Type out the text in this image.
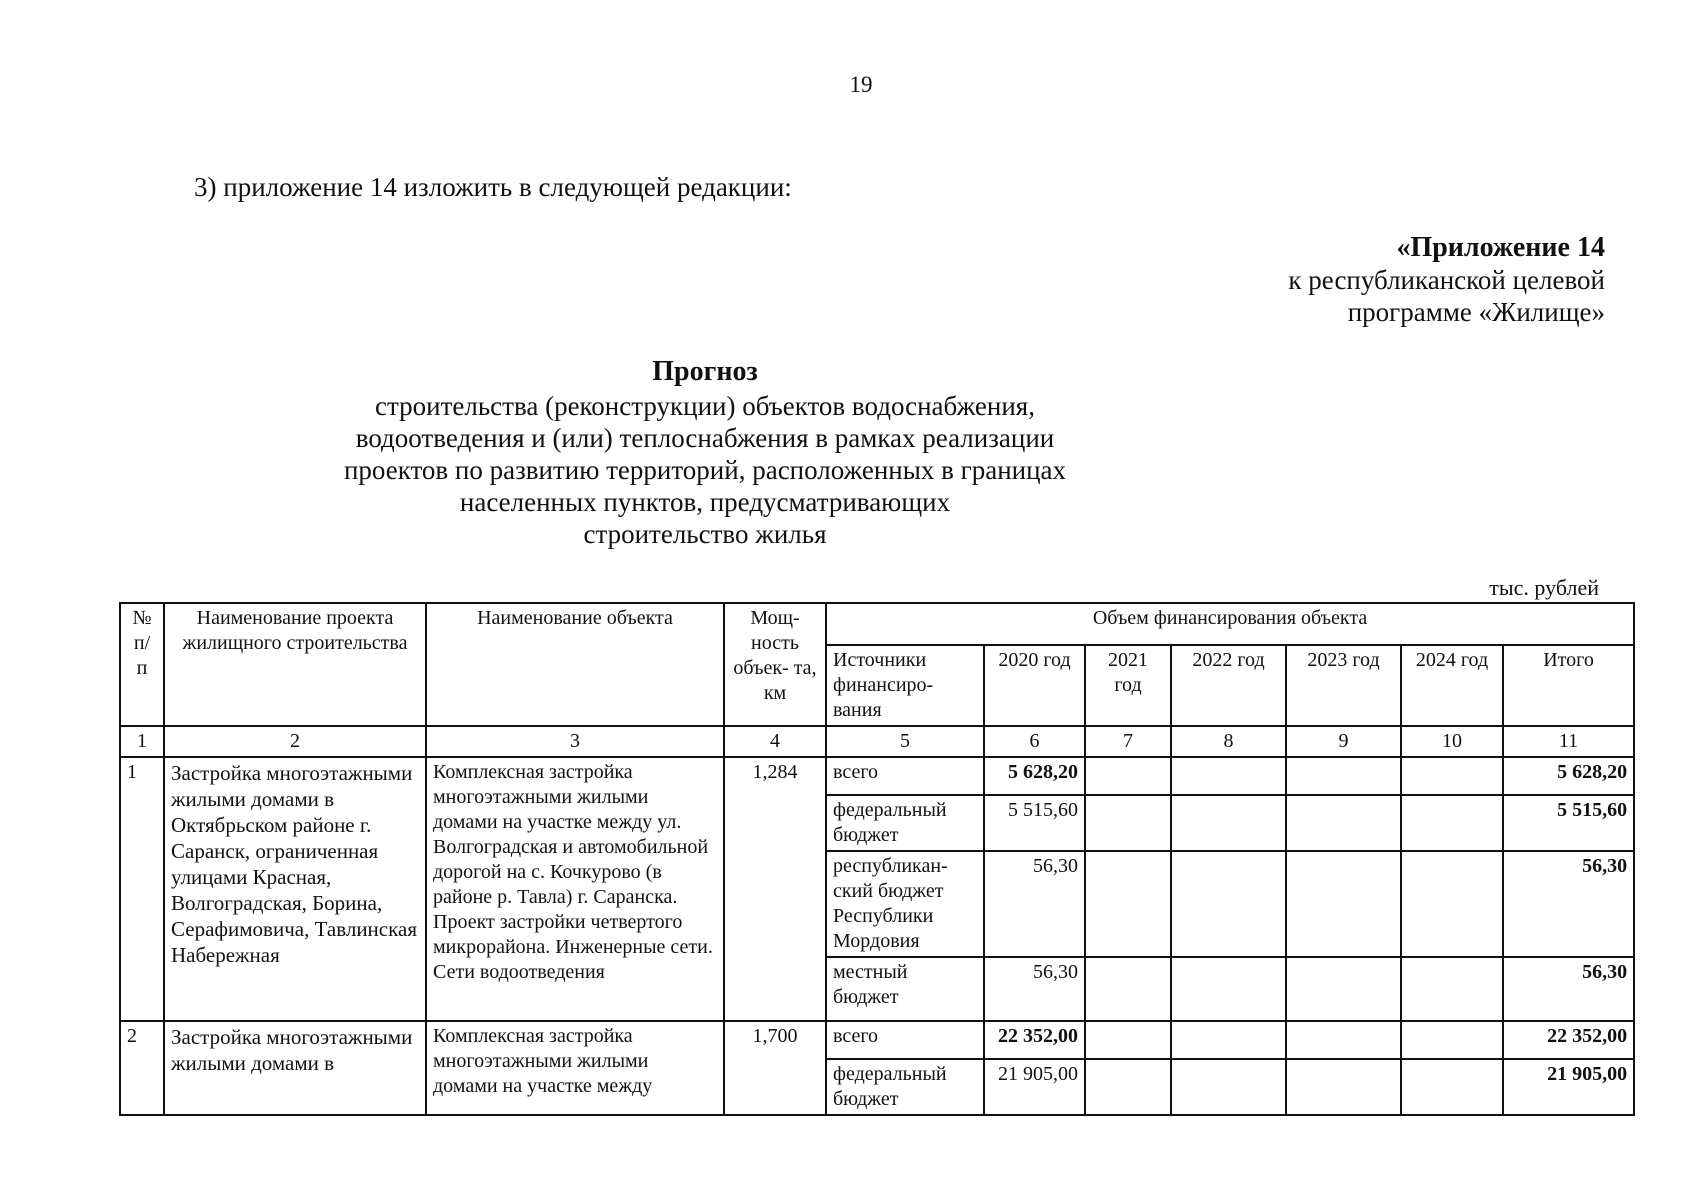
19
3) приложение 14 изложить в следующей редакции:
«Приложение 14
к республиканской целевой
программе «Жилище»
Прогноз
строительства (реконструкции) объектов водоснабжения,
водоотведения и (или) теплоснабжения в рамках реализации
проектов по развитию территорий, расположенных в границах
населенных пунктов, предусматривающих
строительство жилья
тыс. рублей
№ п/ п	Наименование проекта жилищного строительства	Наименование объекта	Мощ- ность объек- та, км	Объем финансирования объекта						
				Источники финансиро- вания	2020 год	2021 год	2022 год	2023 год	2024 год	Итого
1	2	3	4	5	6	7	8	9	10	11
1	Застройка многоэтажными жилыми домами в Октябрьском районе г. Саранск, ограниченная улицами Красная, Волгоградская, Борина, Серафимовича, Тавлинская Набережная	Комплексная застройка многоэтажными жилыми домами на участке между ул. Волгоградская и автомобильной дорогой на с. Кочкурово (в районе р. Тавла) г. Саранска. Проект застройки четвертого микрорайона. Инженерные сети. Сети водоотведения	1,284	всего	5 628,20					5 628,20
				федеральный бюджет	5 515,60					5 515,60
				республикан- ский бюджет Республики Мордовия	56,30					56,30
				местный бюджет	56,30					56,30
2	Застройка многоэтажными жилыми домами в	Комплексная застройка многоэтажными жилыми домами на участке между	1,700	всего	22 352,00					22 352,00
				федеральный бюджет	21 905,00					21 905,00
